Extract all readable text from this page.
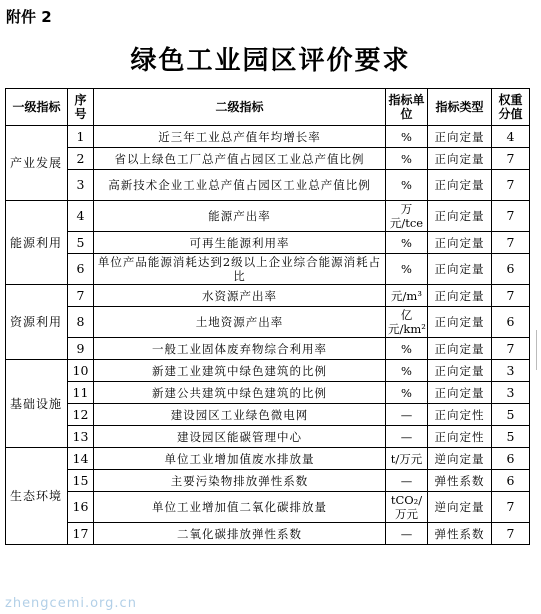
附件 2
绿色工业园区评价要求
一级指标	序号	二级指标	指标单位	指标类型	权重分值
产业发展	1	近三年工业总产值年均增长率	%	正向定量	4
	2	省以上绿色工厂总产值占园区工业总产值比例	%	正向定量	7
	3	高新技术企业工业总产值占园区工业总产值比例	%	正向定量	7
能源利用	4	能源产出率	万元/tce	正向定量	7
	5	可再生能源利用率	%	正向定量	7
	6	单位产品能源消耗达到2级以上企业综合能源消耗占比	%	正向定量	6
资源利用	7	水资源产出率	元/m³	正向定量	7
	8	土地资源产出率	亿元/km²	正向定量	6
	9	一般工业固体废弃物综合利用率	%	正向定量	7
基础设施	10	新建工业建筑中绿色建筑的比例	%	正向定量	3
	11	新建公共建筑中绿色建筑的比例	%	正向定量	3
	12	建设园区工业绿色微电网	—	正向定性	5
	13	建设园区能碳管理中心	—	正向定性	5
生态环境	14	单位工业增加值废水排放量	t/万元	逆向定量	6
	15	主要污染物排放弹性系数	—	弹性系数	6
	16	单位工业增加值二氧化碳排放量	tCO₂/万元	逆向定量	7
	17	二氧化碳排放弹性系数	—	弹性系数	7
zhengcemi.org.cn
